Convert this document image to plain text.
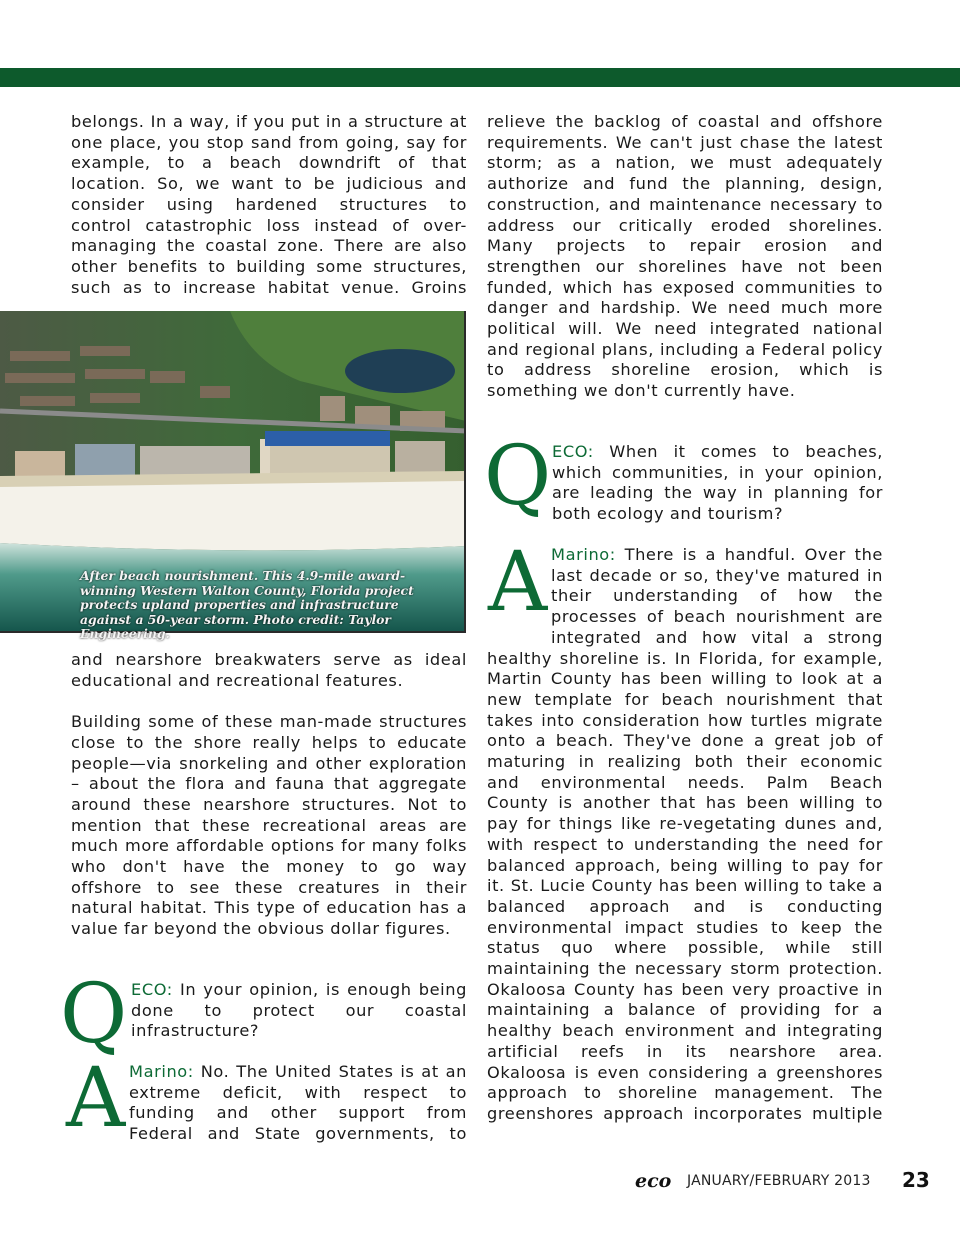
belongs. In a way, if you put in a structure at one place, you stop sand from going, say for example, to a beach downdrift of that location. So, we want to be judicious and consider using hardened structures to control catastrophic loss instead of over-managing the coastal zone. There are also other benefits to building some structures, such as to increase habitat venue. Groins

After beach nourishment. This 4.9-mile award-winning Western Walton County, Florida project protects upland properties and infrastructure against a 50-year storm. Photo credit: Taylor Engineering.

and nearshore breakwaters serve as ideal educational and recreational features.

Building some of these man-made structures close to the shore really helps to educate people—via snorkeling and other exploration – about the flora and fauna that aggregate around these nearshore structures. Not to mention that these recreational areas are much more affordable options for many folks who don't have the money to go way offshore to see these creatures in their natural habitat. This type of education has a value far beyond the obvious dollar figures.

Q ECO: In your opinion, is enough being done to protect our coastal infrastructure?

A Marino: No. The United States is at an extreme deficit, with respect to funding and other support from Federal and State governments, to

relieve the backlog of coastal and offshore requirements. We can't just chase the latest storm; as a nation, we must adequately authorize and fund the planning, design, construction, and maintenance necessary to address our critically eroded shorelines. Many projects to repair erosion and strengthen our shorelines have not been funded, which has exposed communities to danger and hardship. We need much more political will. We need integrated national and regional plans, including a Federal policy to address shoreline erosion, which is something we don't currently have.

Q ECO: When it comes to beaches, which communities, in your opinion, are leading the way in planning for both ecology and tourism?

A Marino: There is a handful. Over the last decade or so, they've matured in their understanding of how the processes of beach nourishment are integrated and how vital a strong healthy shoreline is. In Florida, for example, Martin County has been willing to look at a new template for beach nourishment that takes into consideration how turtles migrate onto a beach. They've done a great job of maturing in realizing both their economic and environmental needs. Palm Beach County is another that has been willing to pay for things like re-vegetating dunes and, with respect to understanding the need for balanced approach, being willing to pay for it. St. Lucie County has been willing to take a balanced approach and is conducting environmental impact studies to keep the status quo where possible, while still maintaining the necessary storm protection. Okaloosa County has been very proactive in maintaining a balance of providing for a healthy beach environment and integrating artificial reefs in its nearshore area. Okaloosa is even considering a greenshores approach to shoreline management. The greenshores approach incorporates multiple

eco JANUARY/FEBRUARY 2013 23
